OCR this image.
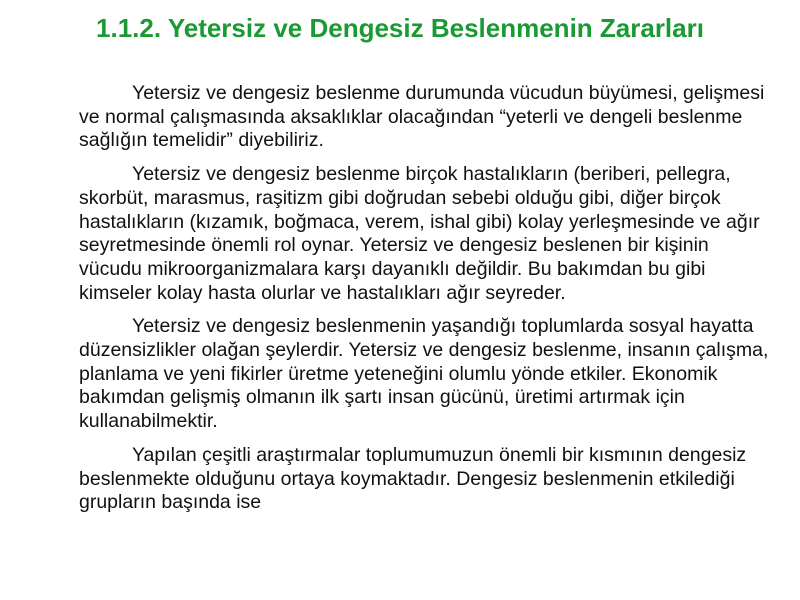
1.1.2. Yetersiz ve Dengesiz Beslenmenin Zararları

Yetersiz ve dengesiz beslenme durumunda vücudun büyümesi, gelişmesi ve normal çalışmasında aksaklıklar olacağından “yeterli ve dengeli beslenme sağlığın temelidir” diyebiliriz.

Yetersiz ve dengesiz beslenme birçok hastalıkların (beriberi, pellegra, skorbüt, marasmus, raşitizm gibi doğrudan sebebi olduğu gibi, diğer birçok hastalıkların (kızamık, boğmaca, verem, ishal gibi) kolay yerleşmesinde ve ağır seyretmesinde önemli rol oynar. Yetersiz ve dengesiz beslenen bir kişinin vücudu mikroorganizmalara karşı dayanıklı değildir. Bu bakımdan bu gibi kimseler kolay hasta olurlar ve hastalıkları ağır seyreder.

Yetersiz ve dengesiz beslenmenin yaşandığı toplumlarda sosyal hayatta düzensizlikler olağan şeylerdir. Yetersiz ve dengesiz beslenme, insanın çalışma, planlama ve yeni fikirler üretme yeteneğini olumlu yönde etkiler. Ekonomik bakımdan gelişmiş olmanın ilk şartı insan gücünü, üretimi artırmak için kullanabilmektir.

Yapılan çeşitli araştırmalar toplumumuzun önemli bir kısmının dengesiz beslenmekte olduğunu ortaya koymaktadır. Dengesiz beslenmenin etkilediği grupların başında ise
